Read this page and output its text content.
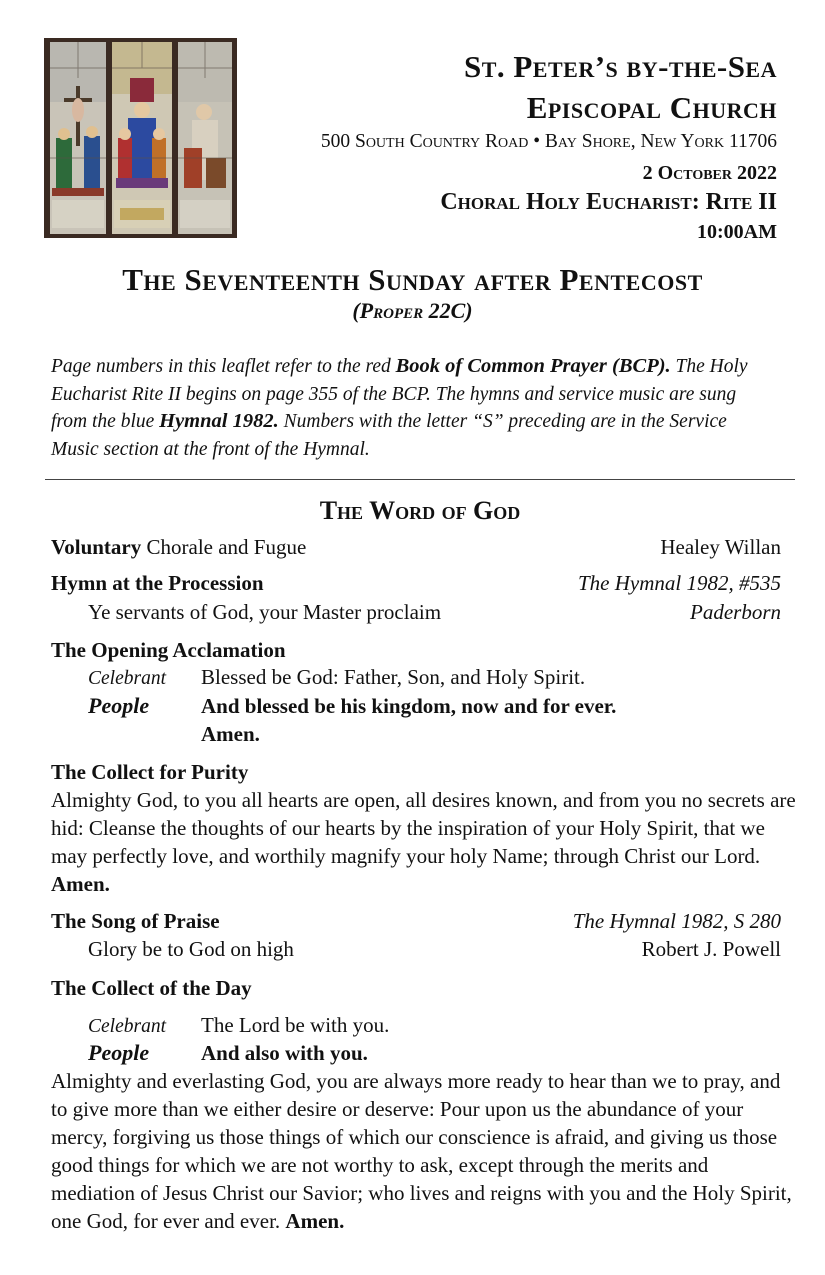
St. Peter’s by-the-Sea
Episcopal Church
500 South Country Road • Bay Shore, New York 11706
2 October 2022
Choral Holy Eucharist: Rite II
10:00AM
The Seventeenth Sunday after Pentecost
(Proper 22C)
Page numbers in this leaflet refer to the red Book of Common Prayer (BCP). The Holy Eucharist Rite II begins on page 355 of the BCP. The hymns and service music are sung from the blue Hymnal 1982. Numbers with the letter “S” preceding are in the Service Music section at the front of the Hymnal.
The Word of God
Voluntary Chorale and Fugue	Healey Willan
Hymn at the Procession	The Hymnal 1982, #535
Ye servants of God, your Master proclaim	Paderborn
The Opening Acclamation
Celebrant Blessed be God: Father, Son, and Holy Spirit.
People And blessed be his kingdom, now and for ever.
Amen.
The Collect for Purity
Almighty God, to you all hearts are open, all desires known, and from you no secrets are hid: Cleanse the thoughts of our hearts by the inspiration of your Holy Spirit, that we may perfectly love, and worthily magnify your holy Name; through Christ our Lord. Amen.
The Song of Praise	The Hymnal 1982, S 280
Glory be to God on high	Robert J. Powell
The Collect of the Day
Celebrant The Lord be with you.
People And also with you.
Almighty and everlasting God, you are always more ready to hear than we to pray, and to give more than we either desire or deserve: Pour upon us the abundance of your mercy, forgiving us those things of which our conscience is afraid, and giving us those good things for which we are not worthy to ask, except through the merits and mediation of Jesus Christ our Savior; who lives and reigns with you and the Holy Spirit, one God, for ever and ever. Amen.
